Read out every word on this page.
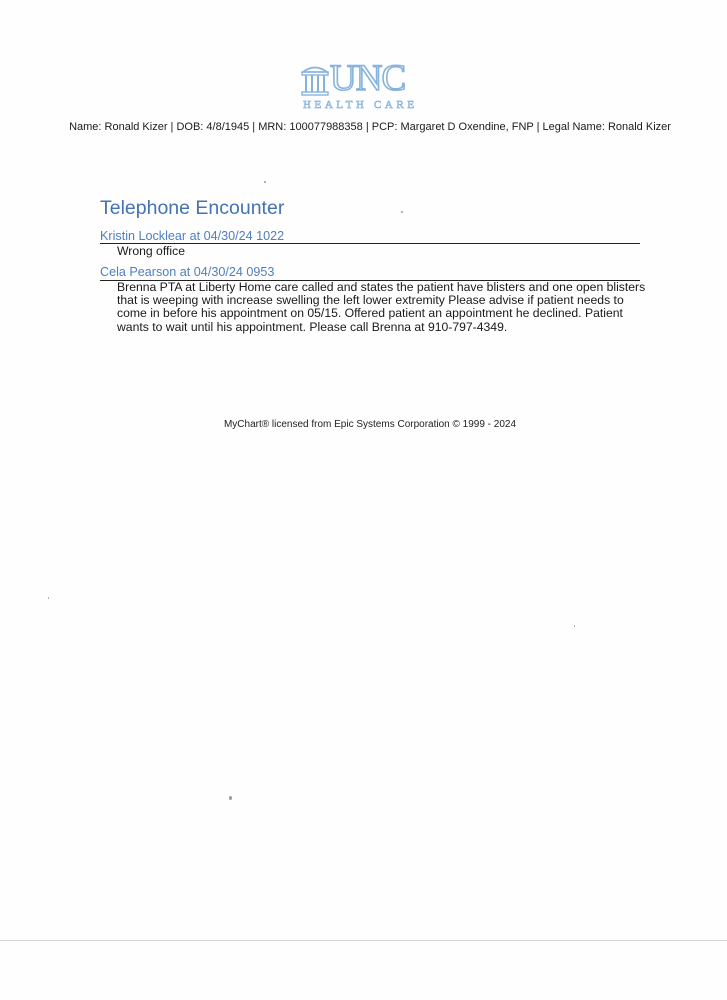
UNC
HEALTH CARE
Name: Ronald Kizer | DOB: 4/8/1945 | MRN: 100077988358 | PCP: Margaret D Oxendine, FNP | Legal Name: Ronald Kizer
Telephone Encounter
Kristin Locklear at 04/30/24 1022
Wrong office
Cela Pearson at 04/30/24 0953
Brenna PTA at Liberty Home care called and states the patient have blisters and one open blisters that is weeping with increase swelling the left lower extremity Please advise if patient needs to come in before his appointment on 05/15. Offered patient an appointment he declined. Patient wants to wait until his appointment. Please call Brenna at 910-797-4349.
MyChart® licensed from Epic Systems Corporation © 1999 - 2024
